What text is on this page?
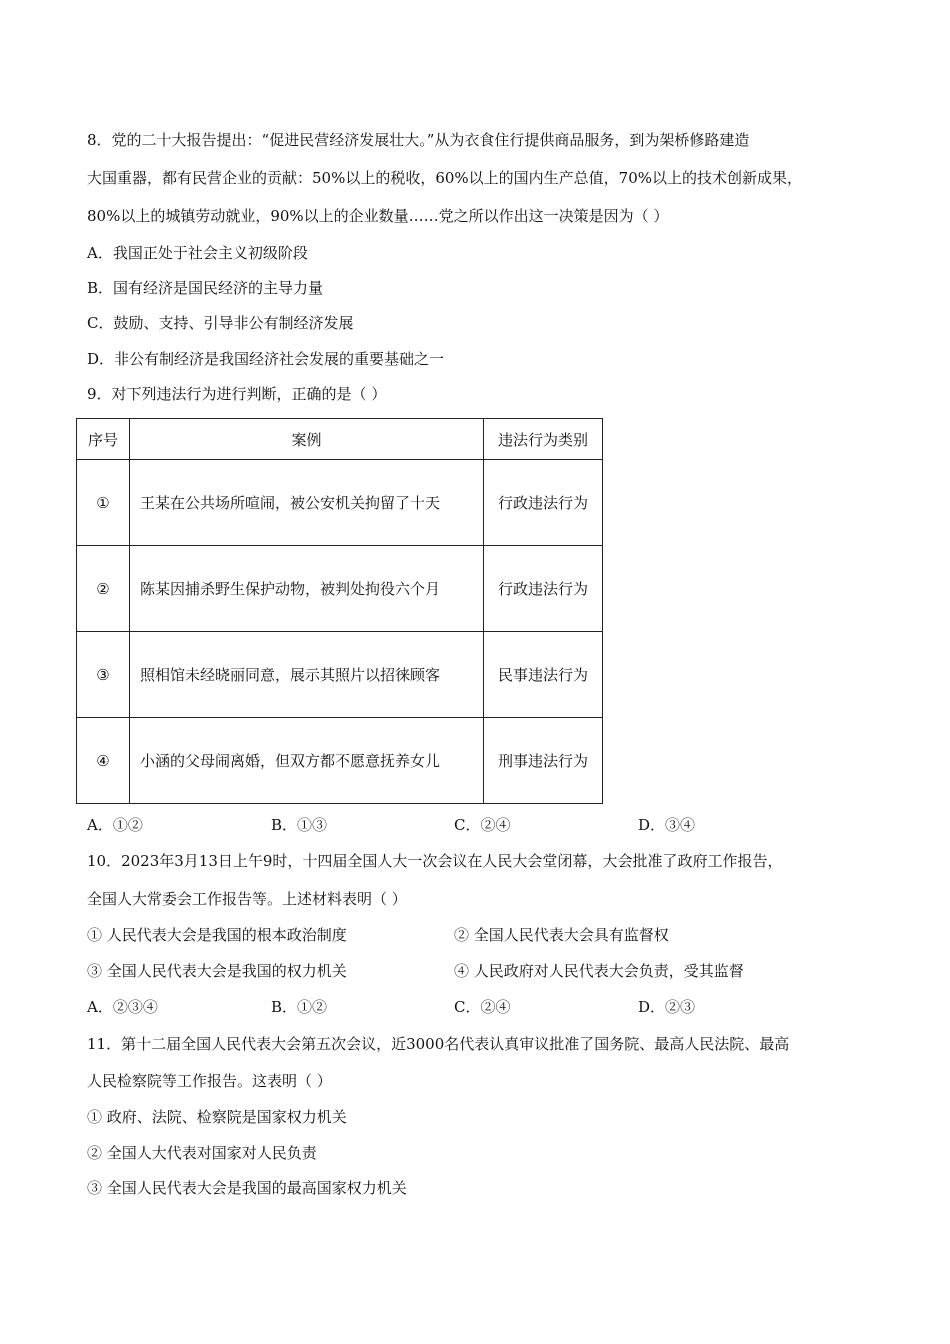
8．党的二十大报告提出：“促进民营经济发展壮大。”从为衣食住行提供商品服务，到为架桥修路建造
大国重器，都有民营企业的贡献：50%以上的税收，60%以上的国内生产总值，70%以上的技术创新成果，
80%以上的城镇劳动就业，90%以上的企业数量……党之所以作出这一决策是因为（ ）
A．我国正处于社会主义初级阶段
B．国有经济是国民经济的主导力量
C．鼓励、支持、引导非公有制经济发展
D．非公有制经济是我国经济社会发展的重要基础之一
9．对下列违法行为进行判断，正确的是（ ）
序号	案例	违法行为类别
①	王某在公共场所喧闹，被公安机关拘留了十天	行政违法行为
②	陈某因捕杀野生保护动物，被判处拘役六个月	行政违法行为
③	照相馆未经晓丽同意，展示其照片以招徕顾客	民事违法行为
④	小涵的父母闹离婚，但双方都不愿意抚养女儿	刑事违法行为
A．①②	B．①③	C．②④	D．③④
10．2023年3月13日上午9时，十四届全国人大一次会议在人民大会堂闭幕，大会批准了政府工作报告，
全国人大常委会工作报告等。上述材料表明（ ）
① 人民代表大会是我国的根本政治制度	② 全国人民代表大会具有监督权
③ 全国人民代表大会是我国的权力机关	④ 人民政府对人民代表大会负责，受其监督
A．②③④	B．①②	C．②④	D．②③
11．第十二届全国人民代表大会第五次会议，近3000名代表认真审议批准了国务院、最高人民法院、最高
人民检察院等工作报告。这表明（ ）
① 政府、法院、检察院是国家权力机关
② 全国人大代表对国家对人民负责
③ 全国人民代表大会是我国的最高国家权力机关
